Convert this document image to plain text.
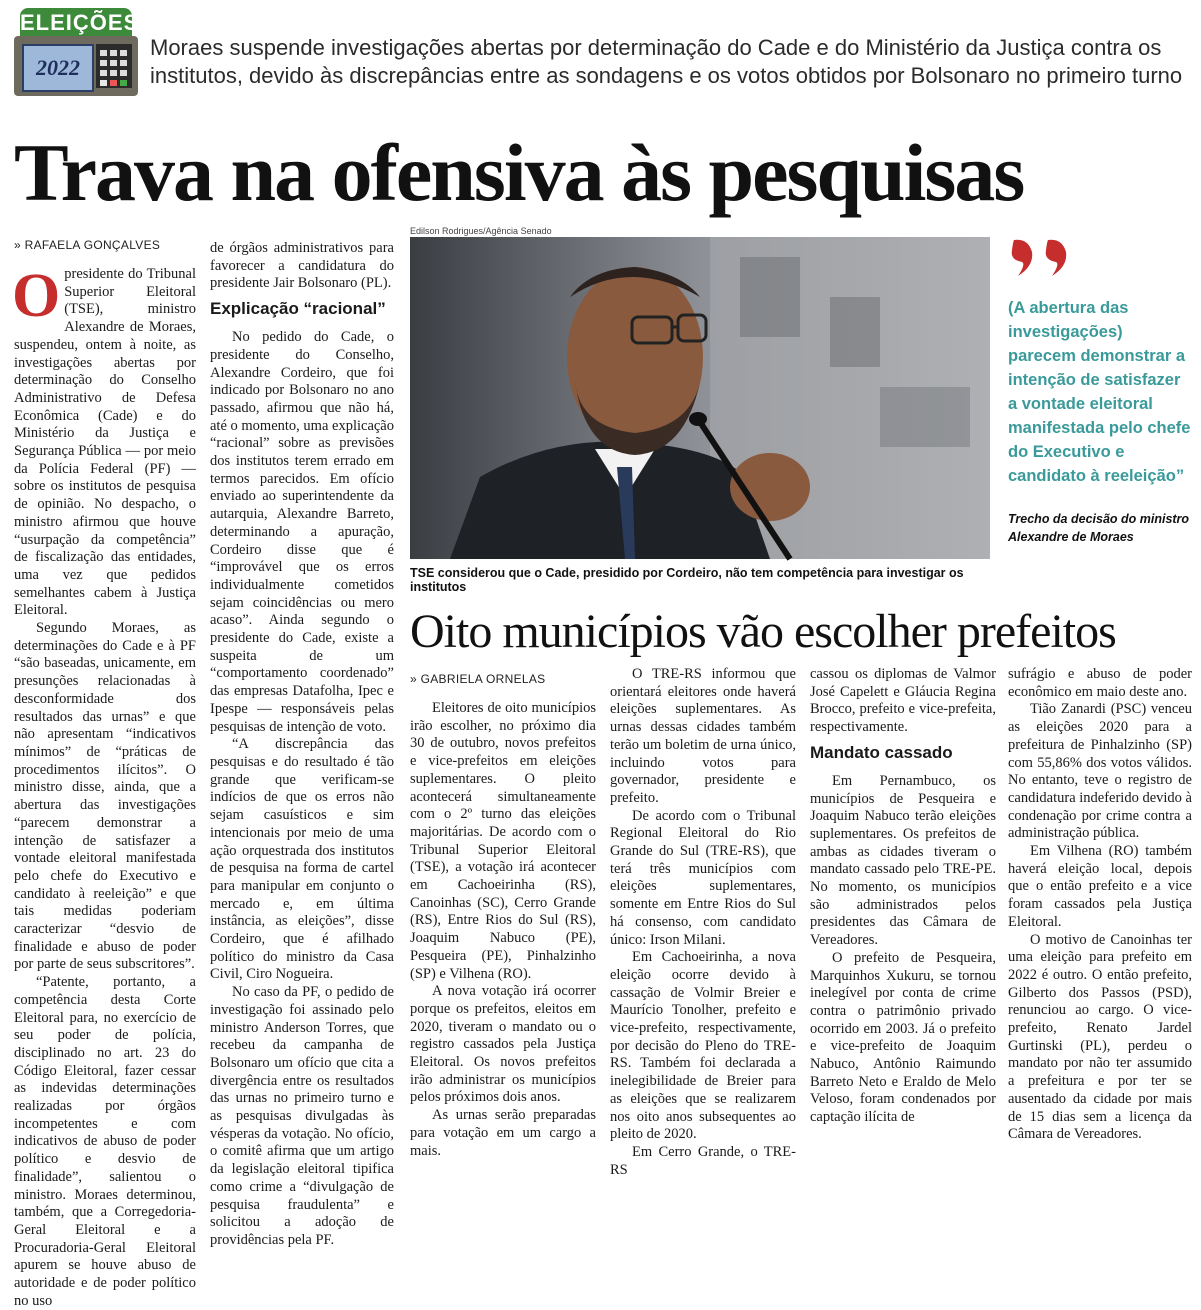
ELEIÇÕES
2022
Moraes suspende investigações abertas por determinação do Cade e do Ministério da Justiça contra os institutos, devido às discrepâncias entre as sondagens e os votos obtidos por Bolsonaro no primeiro turno
Trava na ofensiva às pesquisas
» RAFAELA GONÇALVES

Opresidente do Tribunal Superior Eleitoral (TSE), ministro Alexandre de Moraes, suspendeu, ontem à noite, as investigações abertas por determinação do Conselho Administrativo de Defesa Econômica (Cade) e do Ministério da Justiça e Segurança Pública — por meio da Polícia Federal (PF) — sobre os institutos de pesquisa de opinião. No despacho, o ministro afirmou que houve “usurpação da competência” de fiscalização das entidades, uma vez que pedidos semelhantes cabem à Justiça Eleitoral.

Segundo Moraes, as determinações do Cade e à PF “são baseadas, unicamente, em presunções relacionadas à desconformidade dos resultados das urnas” e que não apresentam “indicativos mínimos” de “práticas de procedimentos ilícitos”. O ministro disse, ainda, que a abertura das investigações “parecem demonstrar a intenção de satisfazer a vontade eleitoral manifestada pelo chefe do Executivo e candidato à reeleição” e que tais medidas poderiam caracterizar “desvio de finalidade e abuso de poder por parte de seus subscritores”.

“Patente, portanto, a competência desta Corte Eleitoral para, no exercício de seu poder de polícia, disciplinado no art. 23 do Código Eleitoral, fazer cessar as indevidas determinações realizadas por órgãos incompetentes e com indicativos de abuso de poder político e desvio de finalidade”, salientou o ministro. Moraes determinou, também, que a Corregedoria-Geral Eleitoral e a Procuradoria-Geral Eleitoral apurem se houve abuso de autoridade e de poder político no uso

de órgãos administrativos para favorecer a candidatura do presidente Jair Bolsonaro (PL).

Explicação “racional”

No pedido do Cade, o presidente do Conselho, Alexandre Cordeiro, que foi indicado por Bolsonaro no ano passado, afirmou que não há, até o momento, uma explicação “racional” sobre as previsões dos institutos terem errado em termos parecidos. Em ofício enviado ao superintendente da autarquia, Alexandre Barreto, determinando a apuração, Cordeiro disse que é “improvável que os erros individualmente cometidos sejam coincidências ou mero acaso”. Ainda segundo o presidente do Cade, existe a suspeita de um “comportamento coordenado” das empresas Datafolha, Ipec e Ipespe — responsáveis pelas pesquisas de intenção de voto.

“A discrepância das pesquisas e do resultado é tão grande que verificam-se indícios de que os erros não sejam casuísticos e sim intencionais por meio de uma ação orquestrada dos institutos de pesquisa na forma de cartel para manipular em conjunto o mercado e, em última instância, as eleições”, disse Cordeiro, que é afilhado político do ministro da Casa Civil, Ciro Nogueira.

No caso da PF, o pedido de investigação foi assinado pelo ministro Anderson Torres, que recebeu da campanha de Bolsonaro um ofício que cita a divergência entre os resultados das urnas no primeiro turno e as pesquisas divulgadas às vésperas da votação. No ofício, o comitê afirma que um artigo da legislação eleitoral tipifica como crime a “divulgação de pesquisa fraudulenta” e solicitou a adoção de providências pela PF.

Edilson Rodrigues/Agência Senado
TSE considerou que o Cade, presidido por Cordeiro, não tem competência para investigar os institutos
(A abertura das investigações) parecem demonstrar a intenção de satisfazer a vontade eleitoral manifestada pelo chefe do Executivo e candidato à reeleição”
Trecho da decisão do ministro Alexandre de Moraes
Oito municípios vão escolher prefeitos
» GABRIELA ORNELAS

Eleitores de oito municípios irão escolher, no próximo dia 30 de outubro, novos prefeitos e vice-prefeitos em eleições suplementares. O pleito acontecerá simultaneamente com o 2º turno das eleições majoritárias. De acordo com o Tribunal Superior Eleitoral (TSE), a votação irá acontecer em Cachoeirinha (RS), Canoinhas (SC), Cerro Grande (RS), Entre Rios do Sul (RS), Joaquim Nabuco (PE), Pesqueira (PE), Pinhalzinho (SP) e Vilhena (RO).

A nova votação irá ocorrer porque os prefeitos, eleitos em 2020, tiveram o mandato ou o registro cassados pela Justiça Eleitoral. Os novos prefeitos irão administrar os municípios pelos próximos dois anos.

As urnas serão preparadas para votação em um cargo a mais.

O TRE-RS informou que orientará eleitores onde haverá eleições suplementares. As urnas dessas cidades também terão um boletim de urna único, incluindo votos para governador, presidente e prefeito.

De acordo com o Tribunal Regional Eleitoral do Rio Grande do Sul (TRE-RS), que terá três municípios com eleições suplementares, somente em Entre Rios do Sul há consenso, com candidato único: Irson Milani.

Em Cachoeirinha, a nova eleição ocorre devido à cassação de Volmir Breier e Maurício Tonolher, prefeito e vice-prefeito, respectivamente, por decisão do Pleno do TRE-RS. Também foi declarada a inelegibilidade de Breier para as eleições que se realizarem nos oito anos subsequentes ao pleito de 2020.

Em Cerro Grande, o TRE-RS

cassou os diplomas de Valmor José Capelett e Gláucia Regina Brocco, prefeito e vice-prefeita, respectivamente.

Mandato cassado

Em Pernambuco, os municípios de Pesqueira e Joaquim Nabuco terão eleições suplementares. Os prefeitos de ambas as cidades tiveram o mandato cassado pelo TRE-PE. No momento, os municípios são administrados pelos presidentes das Câmara de Vereadores.

O prefeito de Pesqueira, Marquinhos Xukuru, se tornou inelegível por conta de crime contra o patrimônio privado ocorrido em 2003. Já o prefeito e vice-prefeito de Joaquim Nabuco, Antônio Raimundo Barreto Neto e Eraldo de Melo Veloso, foram condenados por captação ilícita de

sufrágio e abuso de poder econômico em maio deste ano.

Tião Zanardi (PSC) venceu as eleições 2020 para a prefeitura de Pinhalzinho (SP) com 55,86% dos votos válidos. No entanto, teve o registro de candidatura indeferido devido à condenação por crime contra a administração pública.

Em Vilhena (RO) também haverá eleição local, depois que o então prefeito e a vice foram cassados pela Justiça Eleitoral.

O motivo de Canoinhas ter uma eleição para prefeito em 2022 é outro. O então prefeito, Gilberto dos Passos (PSD), renunciou ao cargo. O vice-prefeito, Renato Jardel Gurtinski (PL), perdeu o mandato por não ter assumido a prefeitura e por ter se ausentado da cidade por mais de 15 dias sem a licença da Câmara de Vereadores.
